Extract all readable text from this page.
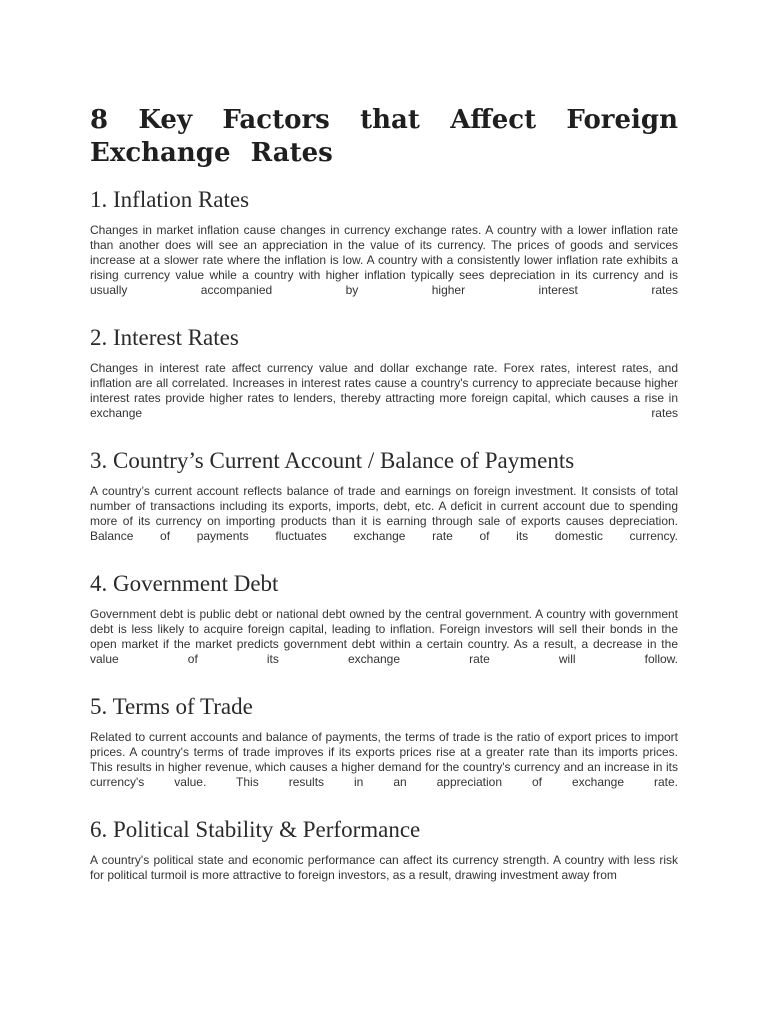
8 Key Factors that Affect Foreign Exchange Rates
1. Inflation Rates

Changes in market inflation cause changes in currency exchange rates. A country with a lower inflation rate than another does will see an appreciation in the value of its currency. The prices of goods and services increase at a slower rate where the inflation is low. A country with a consistently lower inflation rate exhibits a rising currency value while a country with higher inflation typically sees depreciation in its currency and is usually accompanied by higher interest rates

2. Interest Rates

Changes in interest rate affect currency value and dollar exchange rate. Forex rates, interest rates, and inflation are all correlated. Increases in interest rates cause a country's currency to appreciate because higher interest rates provide higher rates to lenders, thereby attracting more foreign capital, which causes a rise in exchange rates

3. Country’s Current Account / Balance of Payments

A country’s current account reflects balance of trade and earnings on foreign investment. It consists of total number of transactions including its exports, imports, debt, etc. A deficit in current account due to spending more of its currency on importing products than it is earning through sale of exports causes depreciation. Balance of payments fluctuates exchange rate of its domestic currency.

4. Government Debt

Government debt is public debt or national debt owned by the central government. A country with government debt is less likely to acquire foreign capital, leading to inflation. Foreign investors will sell their bonds in the open market if the market predicts government debt within a certain country. As a result, a decrease in the value of its exchange rate will follow.

5. Terms of Trade

Related to current accounts and balance of payments, the terms of trade is the ratio of export prices to import prices. A country's terms of trade improves if its exports prices rise at a greater rate than its imports prices. This results in higher revenue, which causes a higher demand for the country's currency and an increase in its currency's value. This results in an appreciation of exchange rate.

6. Political Stability & Performance

A country's political state and economic performance can affect its currency strength. A country with less risk for political turmoil is more attractive to foreign investors, as a result, drawing investment away from
